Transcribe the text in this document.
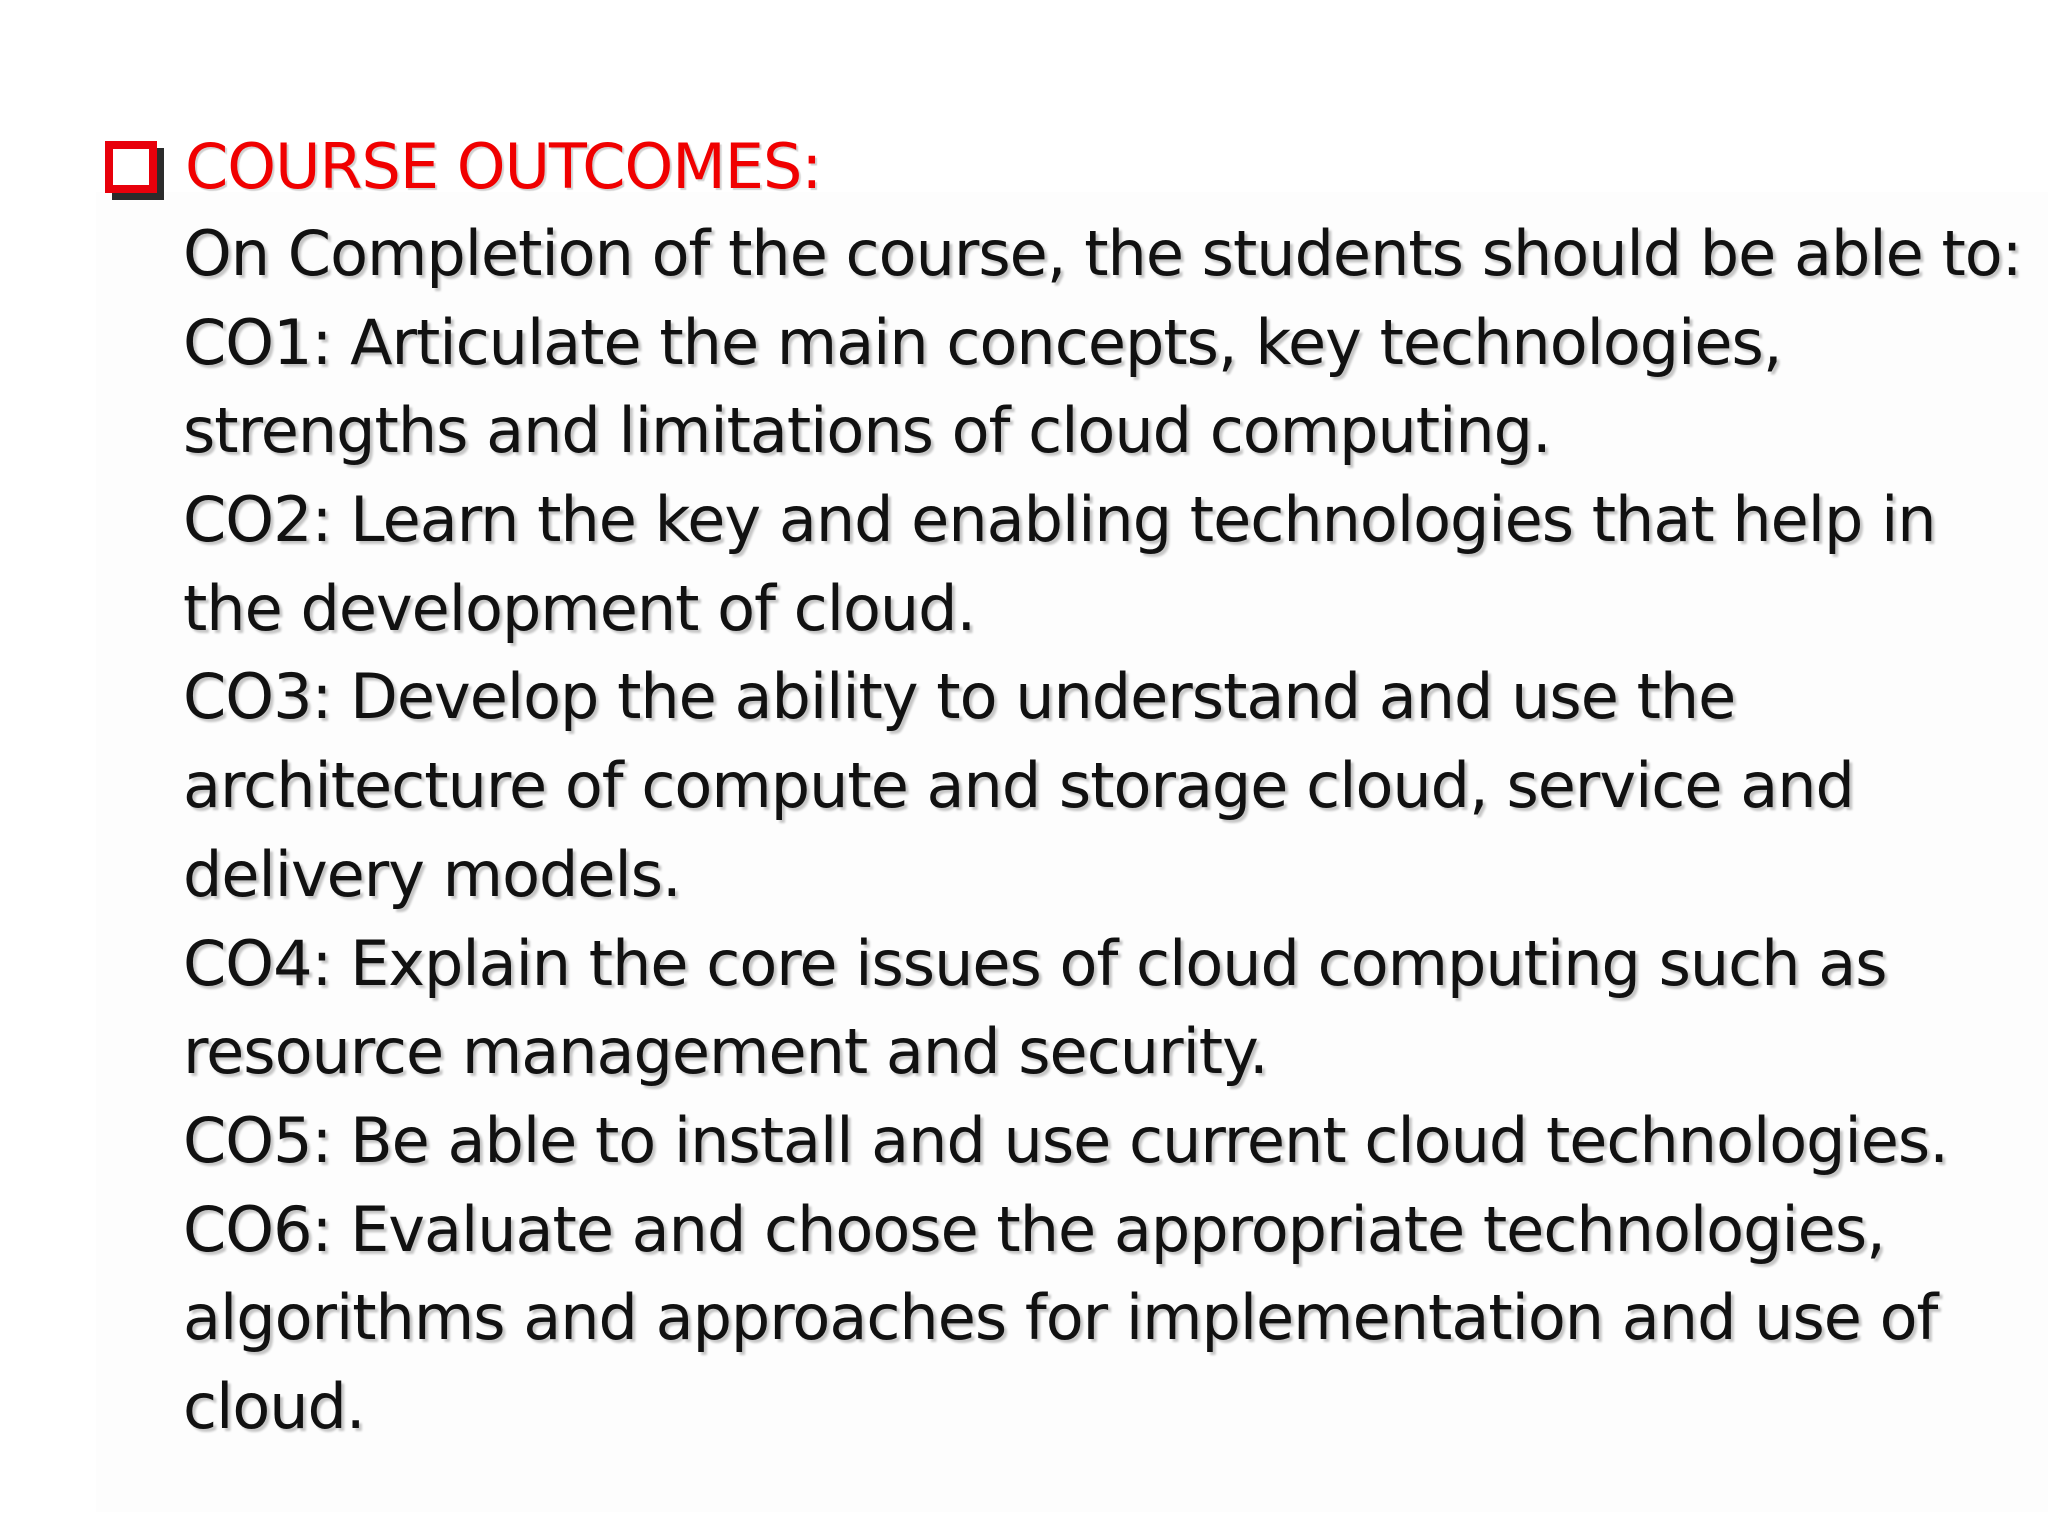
COURSE OUTCOMES:
On Completion of the course, the students should be able to:
CO1: Articulate the main concepts, key technologies,
strengths and limitations of cloud computing.
CO2: Learn the key and enabling technologies that help in
the development of cloud.
CO3: Develop the ability to understand and use the
architecture of compute and storage cloud, service and
delivery models.
CO4: Explain the core issues of cloud computing such as
resource management and security.
CO5: Be able to install and use current cloud technologies.
CO6: Evaluate and choose the appropriate technologies,
algorithms and approaches for implementation and use of
cloud.
